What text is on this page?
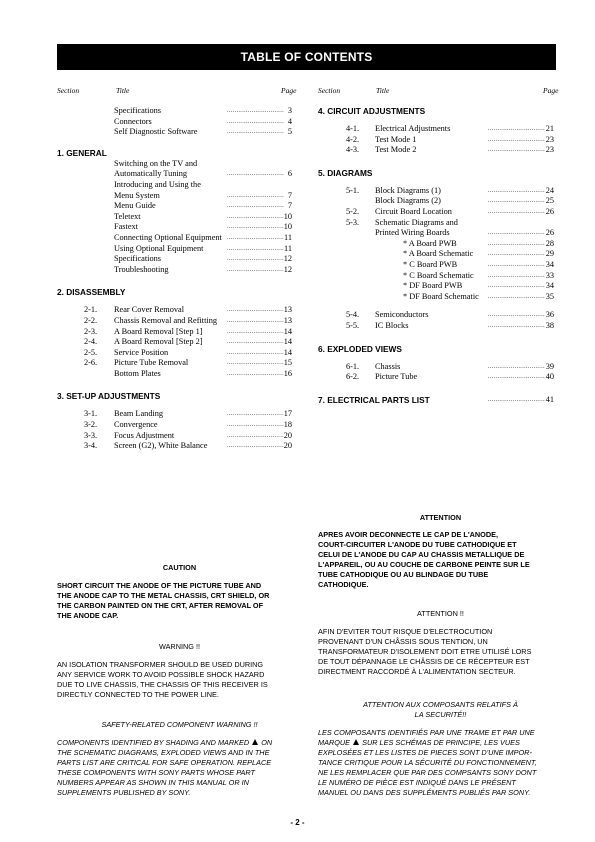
TABLE OF CONTENTS
Section	Title	Page	Section	Title	Page
Specifications	.............................. 3
Connectors	.............................. 4
Self Diagnostic Software	.............................. 5
1. GENERAL
Switching on the TV and
Automatically Tuning	.............................. 6
Introducing and Using the
Menu System	.............................. 7
Menu Guide	.............................. 7
Teletext	.............................. 10
Fastext	.............................. 10
Connecting Optional Equipment .............................. 11
Using Optional Equipment	.............................. 11
Specifications	.............................. 12
Troubleshooting	.............................. 12
2. DISASSEMBLY
2-1. Rear Cover Removal	.............................. 13
2-2. Chassis Removal and Refitting .............................. 13
2-3. A Board Removal [Step 1]	.............................. 14
2-4. A Board Removal [Step 2]	.............................. 14
2-5. Service Position	.............................. 14
2-6. Picture Tube Removal	.............................. 15
Bottom Plates	.............................. 16
3. SET-UP ADJUSTMENTS
3-1. Beam Landing	.............................. 17
3-2. Convergence	.............................. 18
3-3. Focus Adjustment	.............................. 20
3-4. Screen (G2), White Balance	.............................. 20
4. CIRCUIT ADJUSTMENTS
4-1. Electrical Adjustments	.............................. 21
4-2. Test Mode 1	.............................. 23
4-3. Test Mode 2	.............................. 23
5. DIAGRAMS
5-1. Block Diagrams (1)	.............................. 24
Block Diagrams (2)	.............................. 25
5-2. Circuit Board Location	.............................. 26
5-3. Schematic Diagrams and
Printed Wiring Boards	.............................. 26
* A Board PWB	.............................. 28
* A Board Schematic .............................. 29
* C Board PWB	.............................. 34
* C Board Schematic .............................. 33
* DF Board PWB	.............................. 34
* DF Board Schematic .............................. 35
5-4. Semiconductors	.............................. 36
5-5. IC Blocks	.............................. 38
6. EXPLODED VIEWS
6-1. Chassis	.............................. 39
6-2. Picture Tube	.............................. 40
7. ELECTRICAL PARTS LIST	.............................. 41
CAUTION
SHORT CIRCUIT THE ANODE OF THE PICTURE TUBE AND
THE ANODE CAP TO THE METAL CHASSIS, CRT SHIELD, OR
THE CARBON PAINTED ON THE CRT, AFTER REMOVAL OF
THE ANODE CAP.
WARNING !!
AN ISOLATION TRANSFORMER SHOULD BE USED DURING
ANY SERVICE WORK TO AVOID POSSIBLE SHOCK HAZARD
DUE TO LIVE CHASSIS, THE CHASSIS OF THIS RECEIVER IS
DIRECTLY CONNECTED TO THE POWER LINE.
SAFETY-RELATED COMPONENT WARNING !!
COMPONENTS IDENTIFIED BY SHADING AND MARKED ON
THE SCHEMATIC DIAGRAMS, EXPLODED VIEWS AND IN THE
PARTS LIST ARE CRITICAL FOR SAFE OPERATION. REPLACE
THESE COMPONENTS WITH SONY PARTS WHOSE PART
NUMBERS APPEAR AS SHOWN IN THIS MANUAL OR IN
SUPPLEMENTS PUBLISHED BY SONY.
ATTENTION
APRES AVOIR DECONNECTE LE CAP DE L'ANODE,
COURT-CIRCUITER L'ANODE DU TUBE CATHODIQUE ET
CELUI DE L'ANODE DU CAP AU CHASSIS METALLIQUE DE
L'APPAREIL, OU AU COUCHE DE CARBONE PEINTE SUR LE
TUBE CATHODIQUE OU AU BLINDAGE DU TUBE
CATHODIQUE.
ATTENTION !!
AFIN D'EVITER TOUT RISQUE D'ELECTROCUTION
PROVENANT D'UN CHÂSSIS SOUS TENTION, UN
TRANSFORMATEUR D'ISOLEMENT DOIT ETRE UTILISÉ LORS
DE TOUT DÉPANNAGE LE CHÂSSIS DE CE RÉCEPTEUR EST
DIRECTMENT RACCORDÉ À L'ALIMENTATION SECTEUR.
ATTENTION AUX COMPOSANTS RELATIFS À
LA SECURITÉ!!
LES COMPOSANTS IDENTIFIÉS PAR UNE TRAME ET PAR UNE
MARQUE SUR LES SCHÉMAS DE PRINCIPE, LES VUES
EXPLOSÉES ET LES LISTES DE PIECES SONT D'UNE IMPOR-
TANCE CRITIQUE POUR LA SÉCURITÉ DU FONCTIONNEMENT,
NE LES REMPLACER QUE PAR DES COMPSANTS SONY DONT
LE NUMÉRO DE PIÈCE EST INDIQUÉ DANS LE PRÉSENT
MANUEL OU DANS DES SUPPLÉMENTS PUBLIÉS PAR SONY.
- 2 -
